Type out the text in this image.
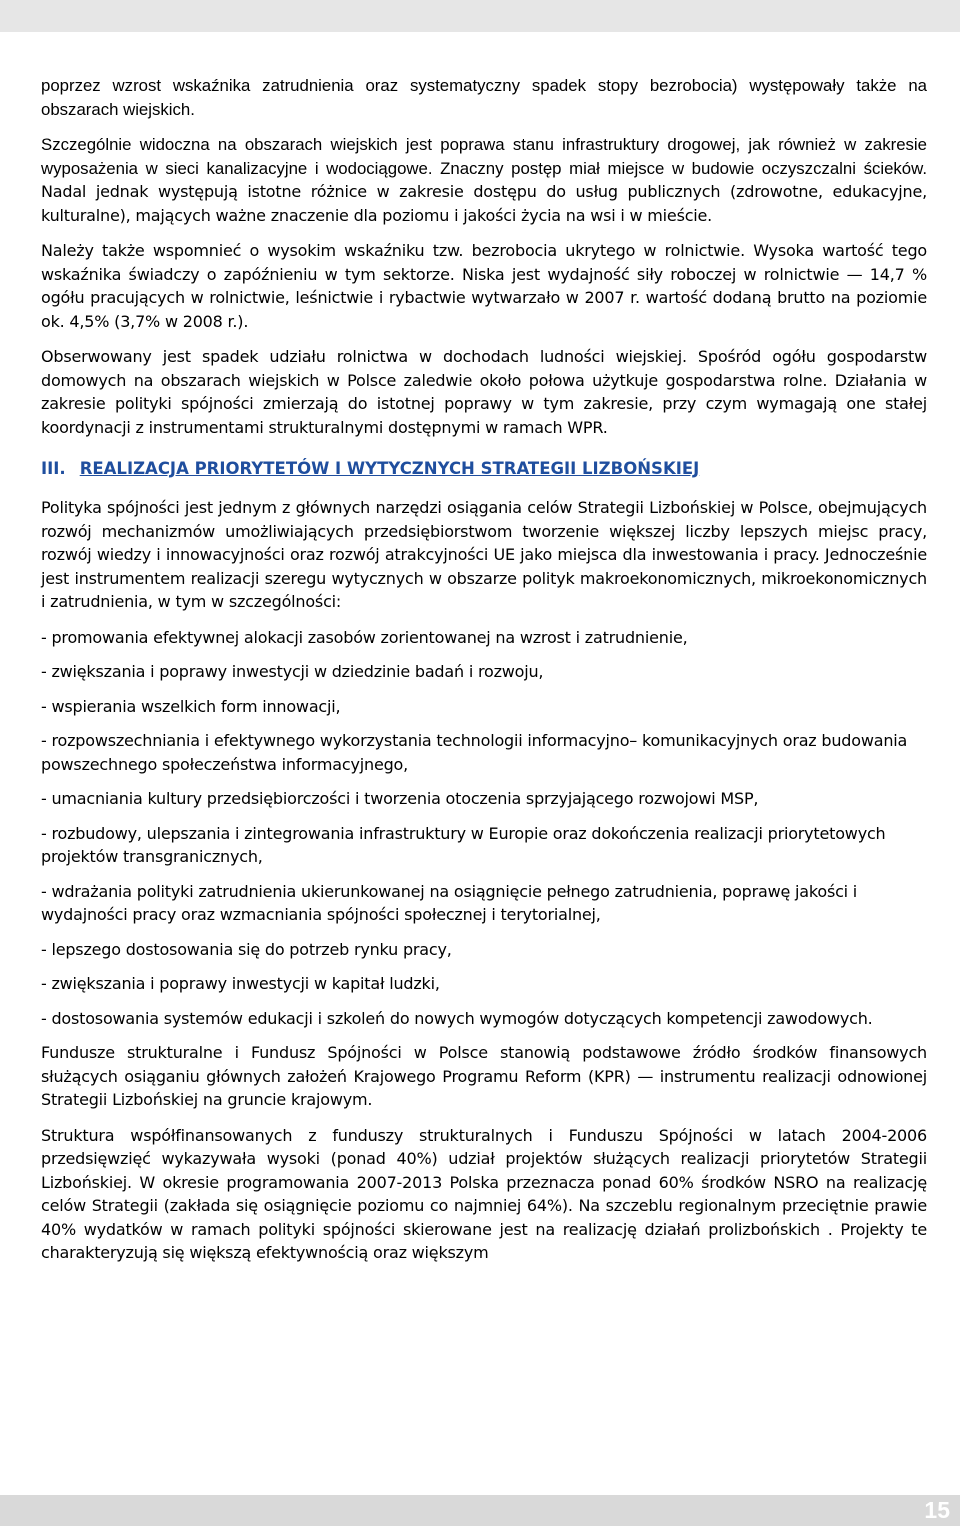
poprzez wzrost wskaźnika zatrudnienia oraz systematyczny spadek stopy bezrobocia) występowały także na obszarach wiejskich.

Szczególnie widoczna na obszarach wiejskich jest poprawa stanu infrastruktury drogowej, jak również w zakresie wyposażenia w sieci kanalizacyjne i wodociągowe. Znaczny postęp miał miejsce w budowie oczyszczalni ścieków. Nadal jednak występują istotne różnice w zakresie dostępu do usług publicznych (zdrowotne, edukacyjne, kulturalne), mających ważne znaczenie dla poziomu i jakości życia na wsi i w mieście.

Należy także wspomnieć o wysokim wskaźniku tzw. bezrobocia ukrytego w rolnictwie. Wysoka wartość tego wskaźnika świadczy o zapóźnieniu w tym sektorze. Niska jest wydajność siły roboczej w rolnictwie — 14,7 % ogółu pracujących w rolnictwie, leśnictwie i rybactwie wytwarzało w 2007 r. wartość dodaną brutto na poziomie ok. 4,5% (3,7% w 2008 r.).

Obserwowany jest spadek udziału rolnictwa w dochodach ludności wiejskiej. Spośród ogółu gospodarstw domowych na obszarach wiejskich w Polsce zaledwie około połowa użytkuje gospodarstwa rolne. Działania w zakresie polityki spójności zmierzają do istotnej poprawy w tym zakresie, przy czym wymagają one stałej koordynacji z instrumentami strukturalnymi dostępnymi w ramach WPR.

III. REALIZACJA PRIORYTETÓW I WYTYCZNYCH STRATEGII LIZBOŃSKIEJ

Polityka spójności jest jednym z głównych narzędzi osiągania celów Strategii Lizbońskiej w Polsce, obejmujących rozwój mechanizmów umożliwiających przedsiębiorstwom tworzenie większej liczby lepszych miejsc pracy, rozwój wiedzy i innowacyjności oraz rozwój atrakcyjności UE jako miejsca dla inwestowania i pracy. Jednocześnie jest instrumentem realizacji szeregu wytycznych w obszarze polityk makroekonomicznych, mikroekonomicznych i zatrudnienia, w tym w szczególności:

- promowania efektywnej alokacji zasobów zorientowanej na wzrost i zatrudnienie,

- zwiększania i poprawy inwestycji w dziedzinie badań i rozwoju,

- wspierania wszelkich form innowacji,

- rozpowszechniania i efektywnego wykorzystania technologii informacyjno– komunikacyjnych oraz budowania powszechnego społeczeństwa informacyjnego,

- umacniania kultury przedsiębiorczości i tworzenia otoczenia sprzyjającego rozwojowi MSP,

- rozbudowy, ulepszania i zintegrowania infrastruktury w Europie oraz dokończenia realizacji priorytetowych projektów transgranicznych,

- wdrażania polityki zatrudnienia ukierunkowanej na osiągnięcie pełnego zatrudnienia, poprawę jakości i wydajności pracy oraz wzmacniania spójności społecznej i terytorialnej,

- lepszego dostosowania się do potrzeb rynku pracy,

- zwiększania i poprawy inwestycji w kapitał ludzki,

- dostosowania systemów edukacji i szkoleń do nowych wymogów dotyczących kompetencji zawodowych.

Fundusze strukturalne i Fundusz Spójności w Polsce stanowią podstawowe źródło środków finansowych służących osiąganiu głównych założeń Krajowego Programu Reform (KPR) — instrumentu realizacji odnowionej Strategii Lizbońskiej na gruncie krajowym.

Struktura współfinansowanych z funduszy strukturalnych i Funduszu Spójności w latach 2004-2006 przedsięwzięć wykazywała wysoki (ponad 40%) udział projektów służących realizacji priorytetów Strategii Lizbońskiej. W okresie programowania 2007-2013 Polska przeznacza ponad 60% środków NSRO na realizację celów Strategii (zakłada się osiągnięcie poziomu co najmniej 64%). Na szczeblu regionalnym przeciętnie prawie 40% wydatków w ramach polityki spójności skierowane jest na realizację działań prolizbońskich . Projekty te charakteryzują się większą efektywnością oraz większym

15
